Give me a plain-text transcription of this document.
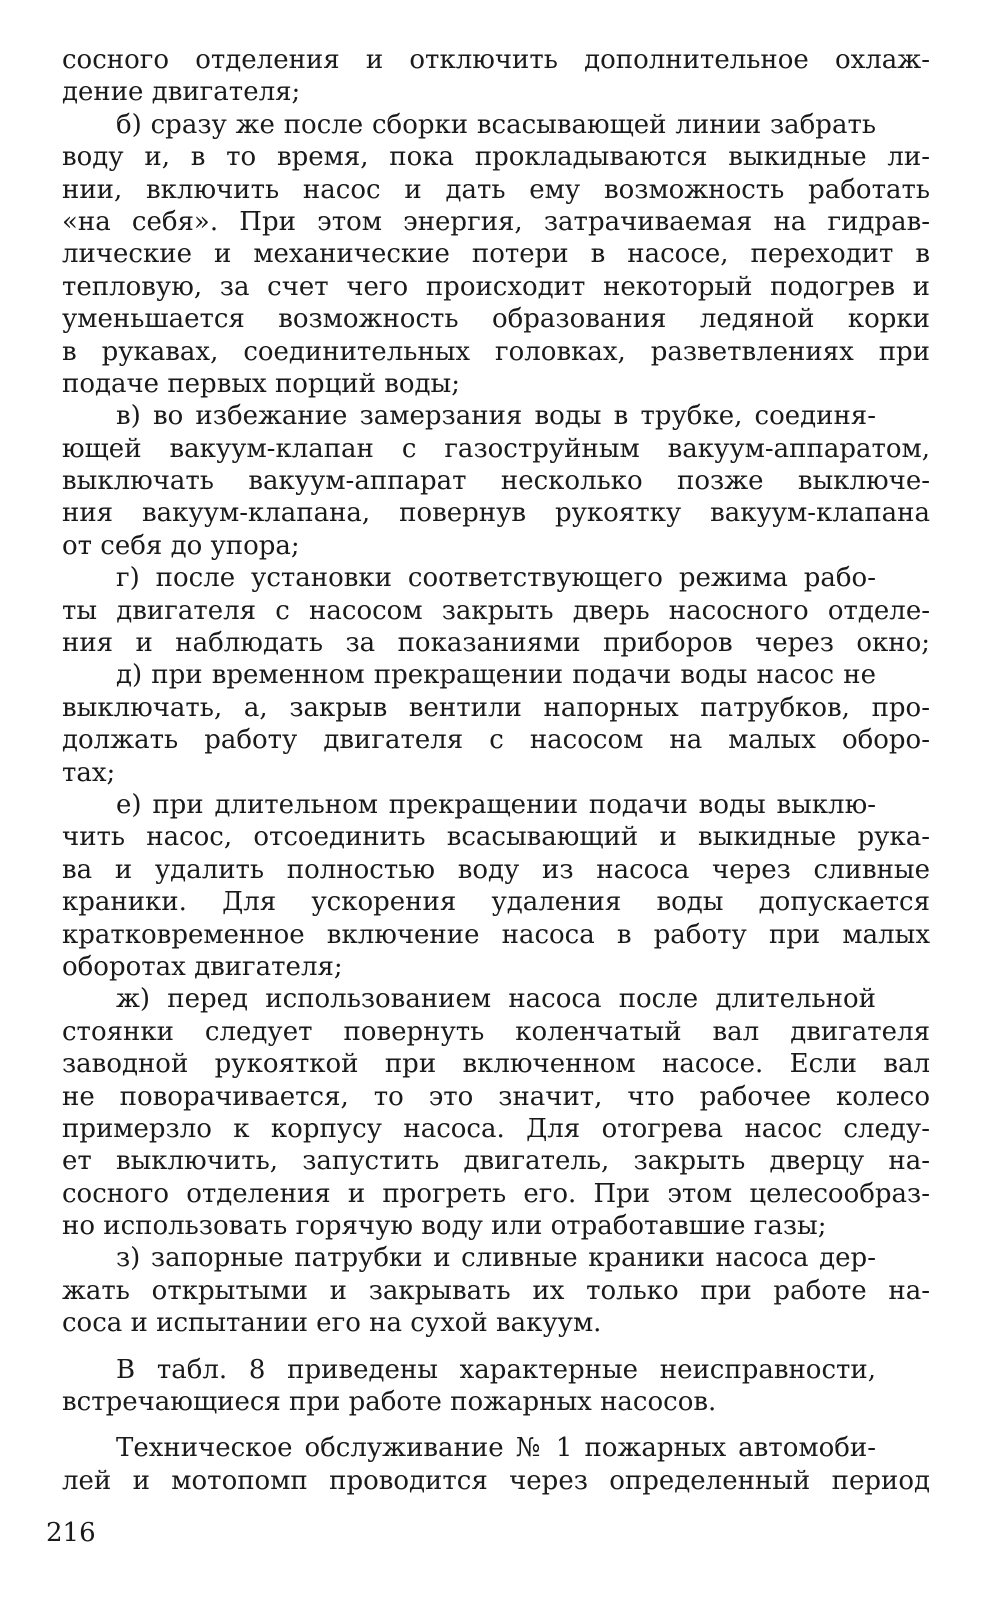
сосного отделения и отключить дополнительное охлаж-
дение двигателя;
б) сразу же после сборки всасывающей линии забрать
воду и, в то время, пока прокладываются выкидные ли-
нии, включить насос и дать ему возможность работать
«на себя». При этом энергия, затрачиваемая на гидрав-
лические и механические потери в насосе, переходит в
тепловую, за счет чего происходит некоторый подогрев и
уменьшается возможность образования ледяной корки
в рукавах, соединительных головках, разветвлениях при
подаче первых порций воды;
в) во избежание замерзания воды в трубке, соединя-
ющей вакуум-клапан с газоструйным вакуум-аппаратом,
выключать вакуум-аппарат несколько позже выключе-
ния вакуум-клапана, повернув рукоятку вакуум-клапана
от себя до упора;
г) после установки соответствующего режима рабо-
ты двигателя с насосом закрыть дверь насосного отделе-
ния и наблюдать за показаниями приборов через окно;
д) при временном прекращении подачи воды насос не
выключать, а, закрыв вентили напорных патрубков, про-
должать работу двигателя с насосом на малых оборо-
тах;
е) при длительном прекращении подачи воды выклю-
чить насос, отсоединить всасывающий и выкидные рука-
ва и удалить полностью воду из насоса через сливные
краники. Для ускорения удаления воды допускается
кратковременное включение насоса в работу при малых
оборотах двигателя;
ж) перед использованием насоса после длительной
стоянки следует повернуть коленчатый вал двигателя
заводной рукояткой при включенном насосе. Если вал
не поворачивается, то это значит, что рабочее колесо
примерзло к корпусу насоса. Для отогрева насос следу-
ет выключить, запустить двигатель, закрыть дверцу на-
сосного отделения и прогреть его. При этом целесообраз-
но использовать горячую воду или отработавшие газы;
з) запорные патрубки и сливные краники насоса дер-
жать открытыми и закрывать их только при работе на-
соса и испытании его на сухой вакуум.
В табл. 8 приведены характерные неисправности,
встречающиеся при работе пожарных насосов.
Техническое обслуживание № 1 пожарных автомоби-
лей и мотопомп проводится через определенный период
216
